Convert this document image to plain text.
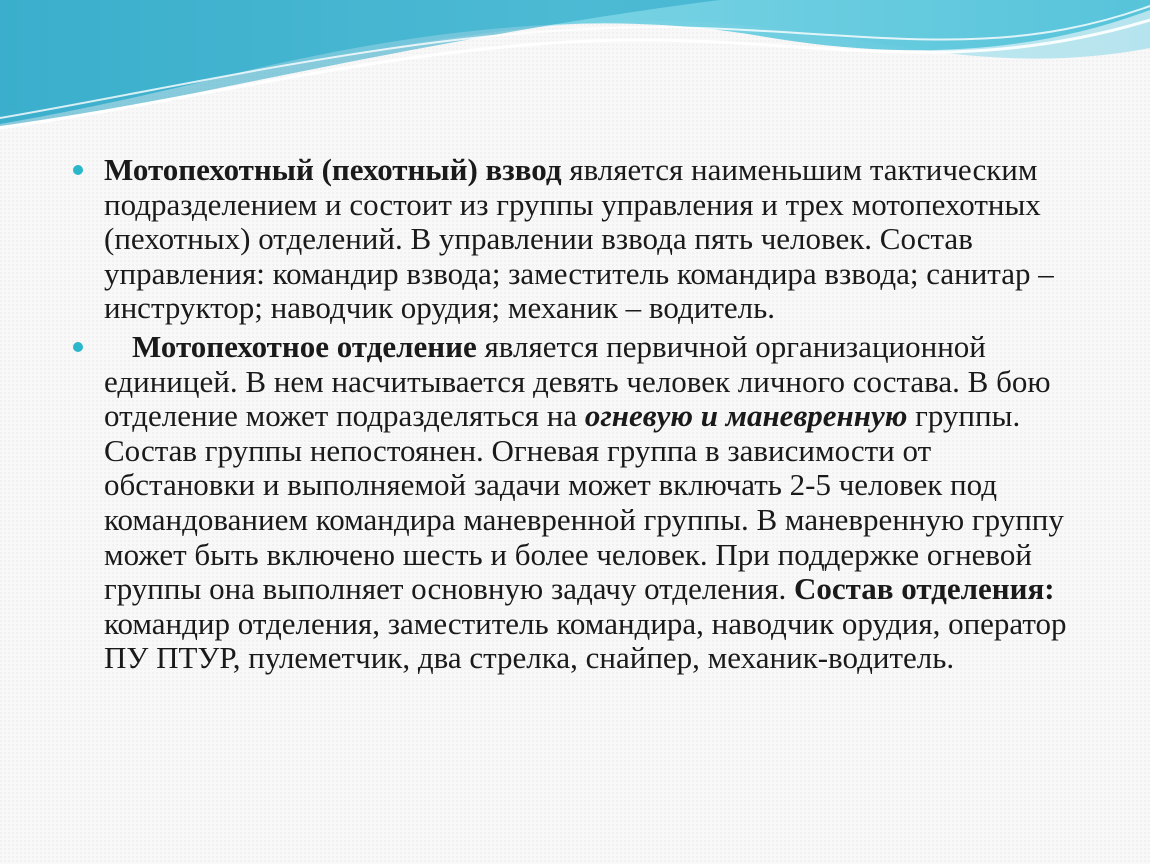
Мотопехотный (пехотный) взвод является наименьшим тактическим подразделением и состоит из группы управления и трех мотопехотных (пехотных) отделений. В управлении взвода пять человек. Состав управления: командир взвода; заместитель командира взвода; санитар – инструктор; наводчик орудия; механик – водитель.

Мотопехотное отделение является первичной организационной единицей. В нем насчитывается девять человек личного состава. В бою отделение может подразделяться на огневую и маневренную группы. Состав группы непостоянен. Огневая группа в зависимости от обстановки и выполняемой задачи может включать 2-5 человек под командованием командира маневренной группы. В маневренную группу может быть включено шесть и более человек. При поддержке огневой группы она выполняет основную задачу отделения. Состав отделения: командир отделения, заместитель командира, наводчик орудия, оператор ПУ ПТУР, пулеметчик, два стрелка, снайпер, механик-водитель.
